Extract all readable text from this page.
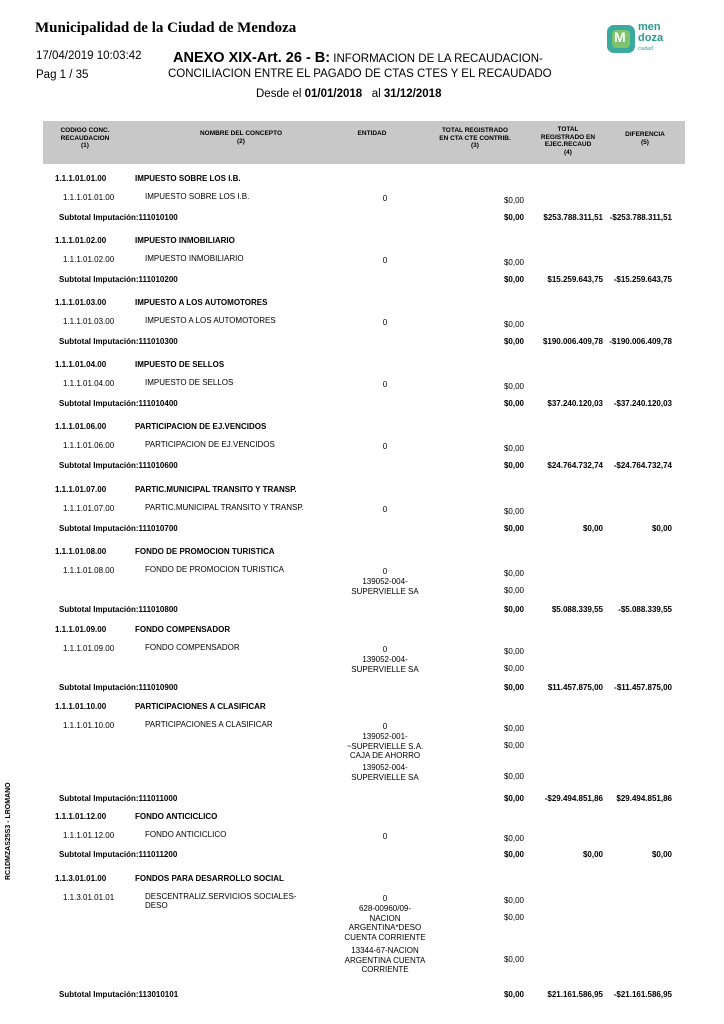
Municipalidad de la Ciudad de Mendoza
17/04/2019 10:03:42
Pag 1 / 35
ANEXO XIX-Art. 26 - B: INFORMACION DE LA RECAUDACION-
CONCILIACION ENTRE EL PAGADO DE CTAS CTES Y EL RECAUDADO
Desde el 01/01/2018 al 31/12/2018
M
men
doza
ciudad
RC1DMZAS25S3 - LROMANO
CODIGO CONC.
RECAUDACION
(1)
NOMBRE DEL CONCEPTO
(2)
ENTIDAD	TOTAL REGISTRADO
EN CTA CTE CONTRIB.
(3)
TOTAL
REGISTRADO EN
EJEC.RECAUD
(4)
DIFERENCIA
(5)
1.1.1.01.01.00	IMPUESTO SOBRE LOS I.B.
1.1.1.01.01.00	IMPUESTO SOBRE LOS I.B.	0	$0,00
Subtotal Imputación:111010100	$0,00 $253.788.311,51 -$253.788.311,51
1.1.1.01.02.00	IMPUESTO INMOBILIARIO
1.1.1.01.02.00	IMPUESTO INMOBILIARIO	0	$0,00
Subtotal Imputación:111010200	$0,00	$15.259.643,75 -$15.259.643,75
1.1.1.01.03.00	IMPUESTO A LOS AUTOMOTORES
1.1.1.01.03.00	IMPUESTO A LOS AUTOMOTORES	0	$0,00
Subtotal Imputación:111010300	$0,00 $190.006.409,78 -$190.006.409,78
1.1.1.01.04.00	IMPUESTO DE SELLOS
1.1.1.01.04.00	IMPUESTO DE SELLOS	0	$0,00
Subtotal Imputación:111010400	$0,00	$37.240.120,03 -$37.240.120,03
1.1.1.01.06.00	PARTICIPACION DE EJ.VENCIDOS
1.1.1.01.06.00	PARTICIPACION DE EJ.VENCIDOS	0	$0,00
Subtotal Imputación:111010600	$0,00	$24.764.732,74 -$24.764.732,74
1.1.1.01.07.00	PARTIC.MUNICIPAL TRANSITO Y TRANSP.
1.1.1.01.07.00	PARTIC.MUNICIPAL TRANSITO Y TRANSP.	0	$0,00
Subtotal Imputación:111010700	$0,00	$0,00	$0,00
1.1.1.01.08.00	FONDO DE PROMOCION TURISTICA
1.1.1.01.08.00	FONDO DE PROMOCION TURISTICA	0	$0,00
139052-004-
SUPERVIELLE SA	$0,00
Subtotal Imputación:111010800	$0,00	$5.088.339,55 -$5.088.339,55
1.1.1.01.09.00	FONDO COMPENSADOR
1.1.1.01.09.00	FONDO COMPENSADOR	0	$0,00
139052-004-
SUPERVIELLE SA	$0,00
Subtotal Imputación:111010900	$0,00	$11.457.875,00 -$11.457.875,00
1.1.1.01.10.00	PARTICIPACIONES A CLASIFICAR
1.1.1.01.10.00	PARTICIPACIONES A CLASIFICAR	0	$0,00
139052-001-
~SUPERVIELLE S.A.
CAJA DE AHORRO
$0,00
139052-004-
SUPERVIELLE SA	$0,00
Subtotal Imputación:111011000	$0,00	-$29.494.851,86 $29.494.851,86
1.1.1.01.12.00	FONDO ANTICICLICO
1.1.1.01.12.00	FONDO ANTICICLICO	0	$0,00
Subtotal Imputación:111011200	$0,00	$0,00	$0,00
1.1.3.01.01.00	FONDOS PARA DESARROLLO SOCIAL
1.1.3.01.01.01	DESCENTRALIZ.SERVICIOS SOCIALES-
DESO
0	$0,00
628-00960/09-
NACION
ARGENTINA*DESO
CUENTA CORRIENTE
$0,00
13344-67-NACION
ARGENTINA CUENTA
CORRIENTE
$0,00
Subtotal Imputación:113010101	$0,00	$21.161.586,95 -$21.161.586,95
